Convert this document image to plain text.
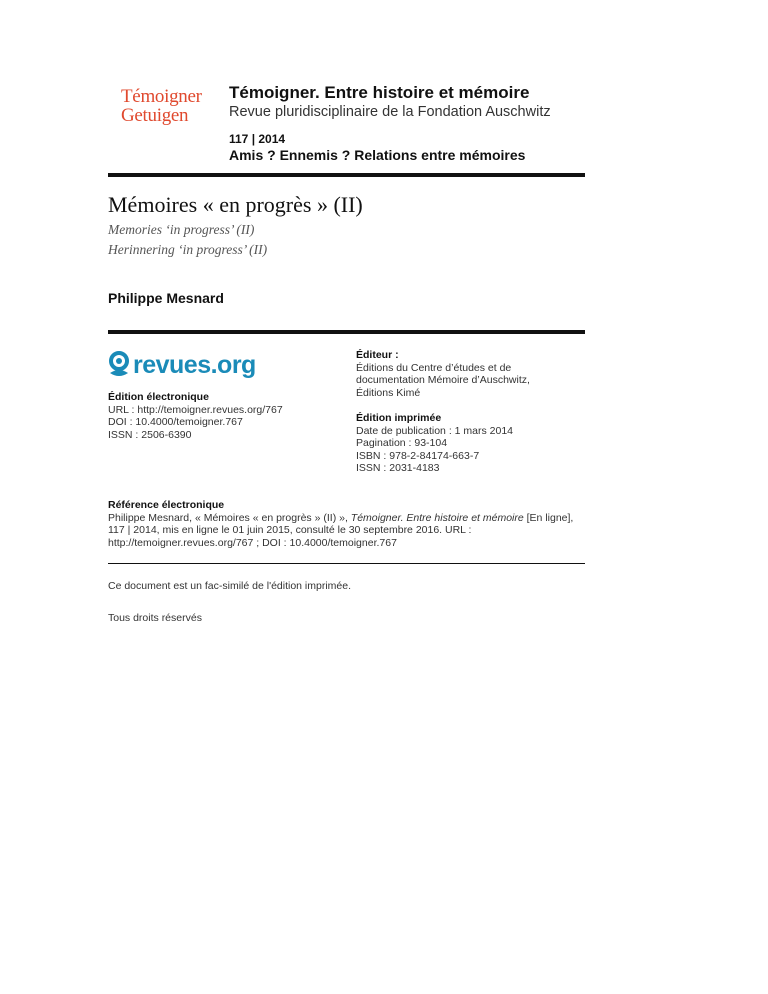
Témoigner
Getuigen
Témoigner. Entre histoire et mémoire
Revue pluridisciplinaire de la Fondation Auschwitz
117 | 2014
Amis ? Ennemis ? Relations entre mémoires
Mémoires « en progrès » (II)
Memories ‘in progress’ (II)
Herinnering ‘in progress’ (II)
Philippe Mesnard
revues.org
Édition électronique
URL : http://temoigner.revues.org/767
DOI : 10.4000/temoigner.767
ISSN : 2506-6390
Éditeur :
Éditions du Centre d’études et de
documentation Mémoire d’Auschwitz,
Éditions Kimé
Édition imprimée
Date de publication : 1 mars 2014
Pagination : 93-104
ISBN : 978-2-84174-663-7
ISSN : 2031-4183
Référence électronique
Philippe Mesnard, « Mémoires « en progrès » (II) », Témoigner. Entre histoire et mémoire [En ligne], 117 | 2014, mis en ligne le 01 juin 2015, consulté le 30 septembre 2016. URL : http://temoigner.revues.org/767 ; DOI : 10.4000/temoigner.767
Ce document est un fac-similé de l'édition imprimée.
Tous droits réservés
